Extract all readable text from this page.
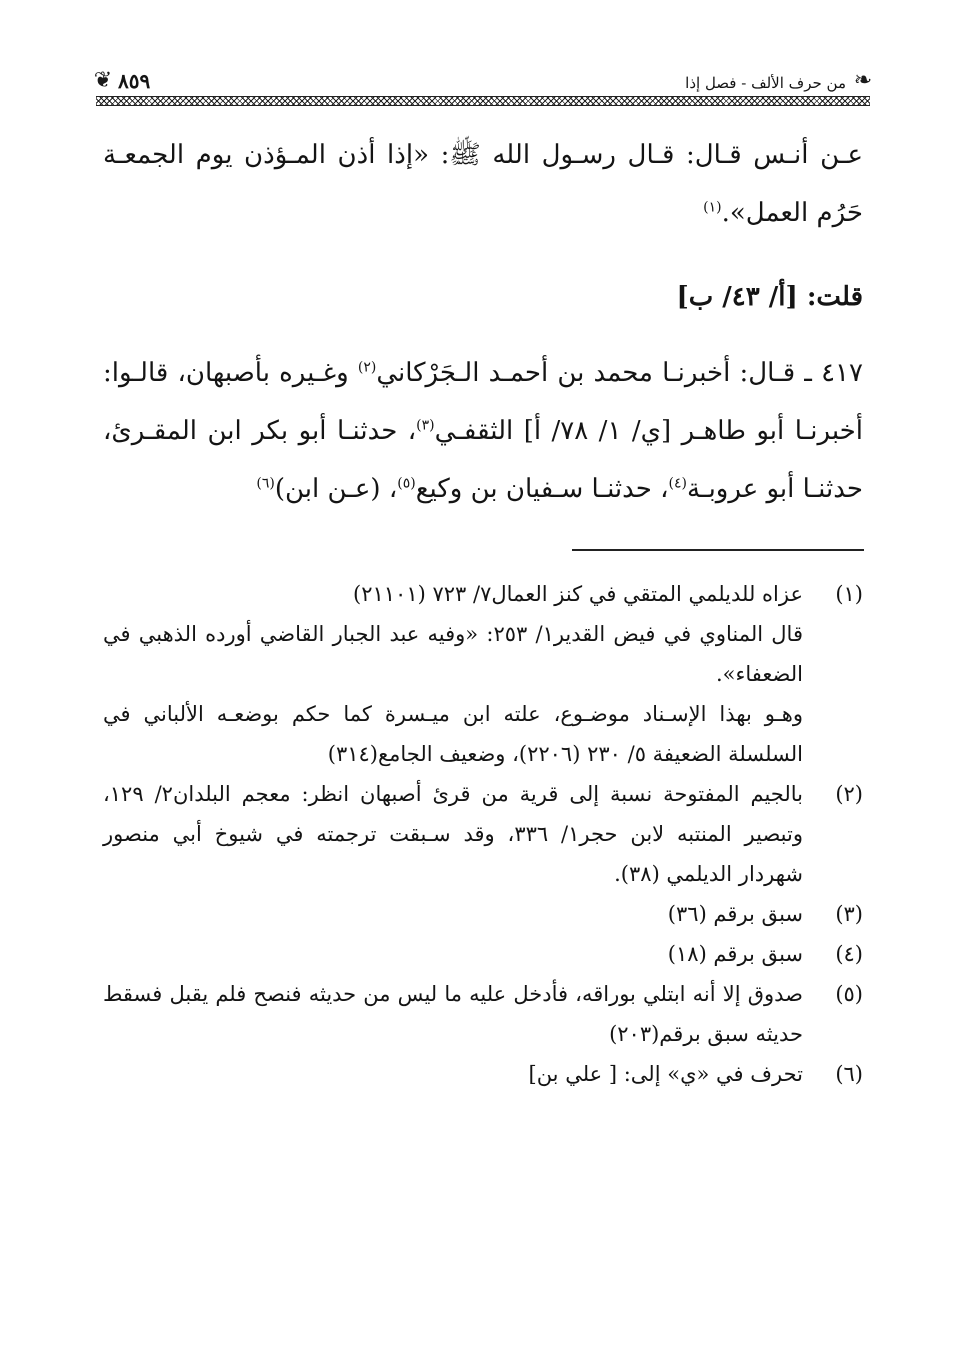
❦ ٨٥٩	من حرف الألف - فصل إذا ❧

عـن أنـس قـال: قـال رسـول الله ﷺ: «إذا أذن المـؤذن يوم الجمعـة حَرُم العمل».$^{(١)}$

قلت: [أ/ ٤٣/ ب]

٤١٧ ـ قـال: أخبرنـا محمد بن أحمـد الـجَرْكاني$^{(٢)}$ وغـيره بأصبهان، قالـوا: أخبرنـا أبو طاهـر [ي/ ١/ ٧٨/ أ] الثقفـي$^{(٣)}$، حدثنـا أبو بكر ابن المقـرئ، حدثنـا أبو عروبـة$^{(٤)}$، حدثنـا سـفيان بن وكيع$^{(٥)}$، (عـن ابن)$^{(٦)}$

(١)
عزاه للديلمي المتقي في كنز العمال٧/ ٧٢٣ (٢١١٠١)
قال المناوي في فيض القدير١/ ٢٥٣: «وفيه عبد الجبار القاضي أورده الذهبي في الضعفاء».
وهـو بهذا الإسـناد موضـوع، علته ابن ميـسرة كما حكم بوضعـه الألباني في السلسلة الضعيفة ٥/ ٢٣٠ (٢٢٠٦)، وضعيف الجامع(٣١٤)
(٢)
بالجيم المفتوحة نسبة إلى قرية من قرئ أصبهان انظر: معجم البلدان٢/ ١٢٩، وتبصير المنتبه لابن حجر١/ ٣٣٦، وقد سـبقت ترجمته في شيوخ أبي منصور شهردار الديلمي (٣٨).
(٣)
سبق برقم (٣٦)
(٤)
سبق برقم (١٨)
(٥)
صدوق إلا أنه ابتلي بوراقه، فأدخل عليه ما ليس من حديثه فنصح فلم يقبل فسقط حديثه سبق برقم(٢٠٣)
(٦)
تحرف في «ي» إلى: [ علي بن]
